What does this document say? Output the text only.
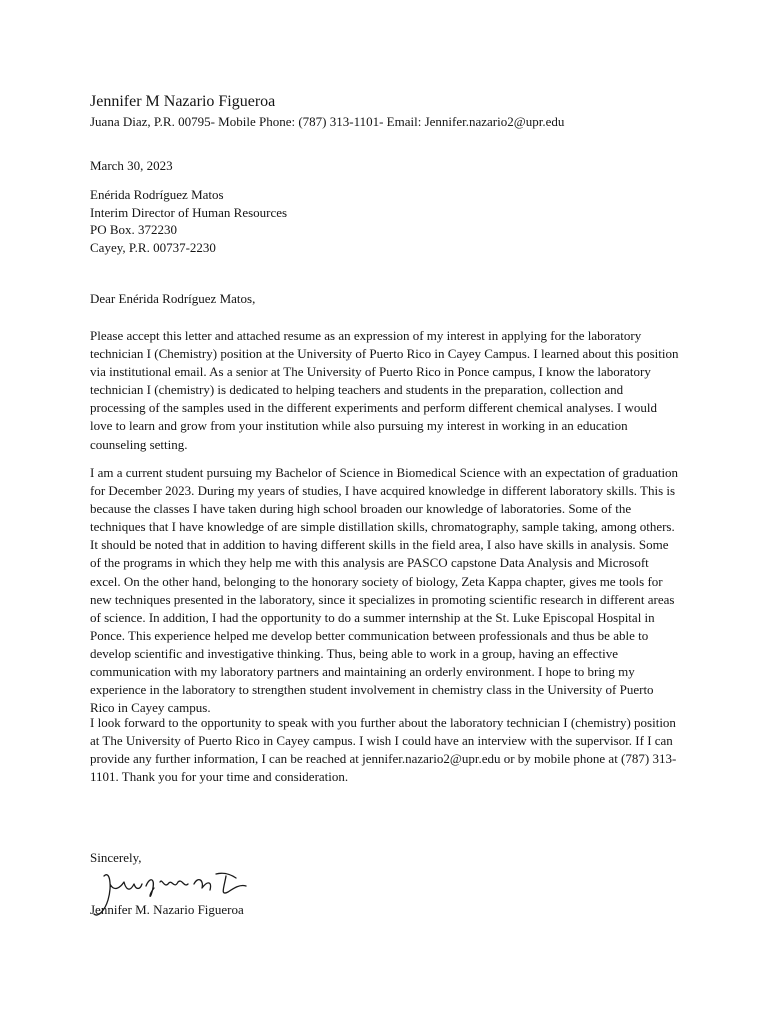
Jennifer M Nazario Figueroa
Juana Diaz, P.R. 00795- Mobile Phone: (787) 313-1101- Email: Jennifer.nazario2@upr.edu
March 30, 2023
Enérida Rodríguez Matos
Interim Director of Human Resources
PO Box. 372230
Cayey, P.R. 00737-2230
Dear Enérida Rodríguez Matos,

Please accept this letter and attached resume as an expression of my interest in applying for the laboratory technician I (Chemistry) position at the University of Puerto Rico in Cayey Campus. I learned about this position via institutional email. As a senior at The University of Puerto Rico in Ponce campus, I know the laboratory technician I (chemistry) is dedicated to helping teachers and students in the preparation, collection and processing of the samples used in the different experiments and perform different chemical analyses. I would love to learn and grow from your institution while also pursuing my interest in working in an education counseling setting.

I am a current student pursuing my Bachelor of Science in Biomedical Science with an expectation of graduation for December 2023. During my years of studies, I have acquired knowledge in different laboratory skills. This is because the classes I have taken during high school broaden our knowledge of laboratories. Some of the techniques that I have knowledge of are simple distillation skills, chromatography, sample taking, among others. It should be noted that in addition to having different skills in the field area, I also have skills in analysis. Some of the programs in which they help me with this analysis are PASCO capstone Data Analysis and Microsoft excel. On the other hand, belonging to the honorary society of biology, Zeta Kappa chapter, gives me tools for new techniques presented in the laboratory, since it specializes in promoting scientific research in different areas of science. In addition, I had the opportunity to do a summer internship at the St. Luke Episcopal Hospital in Ponce. This experience helped me develop better communication between professionals and thus be able to develop scientific and investigative thinking. Thus, being able to work in a group, having an effective communication with my laboratory partners and maintaining an orderly environment. I hope to bring my experience in the laboratory to strengthen student involvement in chemistry class in the University of Puerto Rico in Cayey campus.

I look forward to the opportunity to speak with you further about the laboratory technician I (chemistry) position at The University of Puerto Rico in Cayey campus. I wish I could have an interview with the supervisor. If I can provide any further information, I can be reached at jennifer.nazario2@upr.edu or by mobile phone at (787) 313-1101. Thank you for your time and consideration.

Sincerely,
Jennifer M. Nazario Figueroa
